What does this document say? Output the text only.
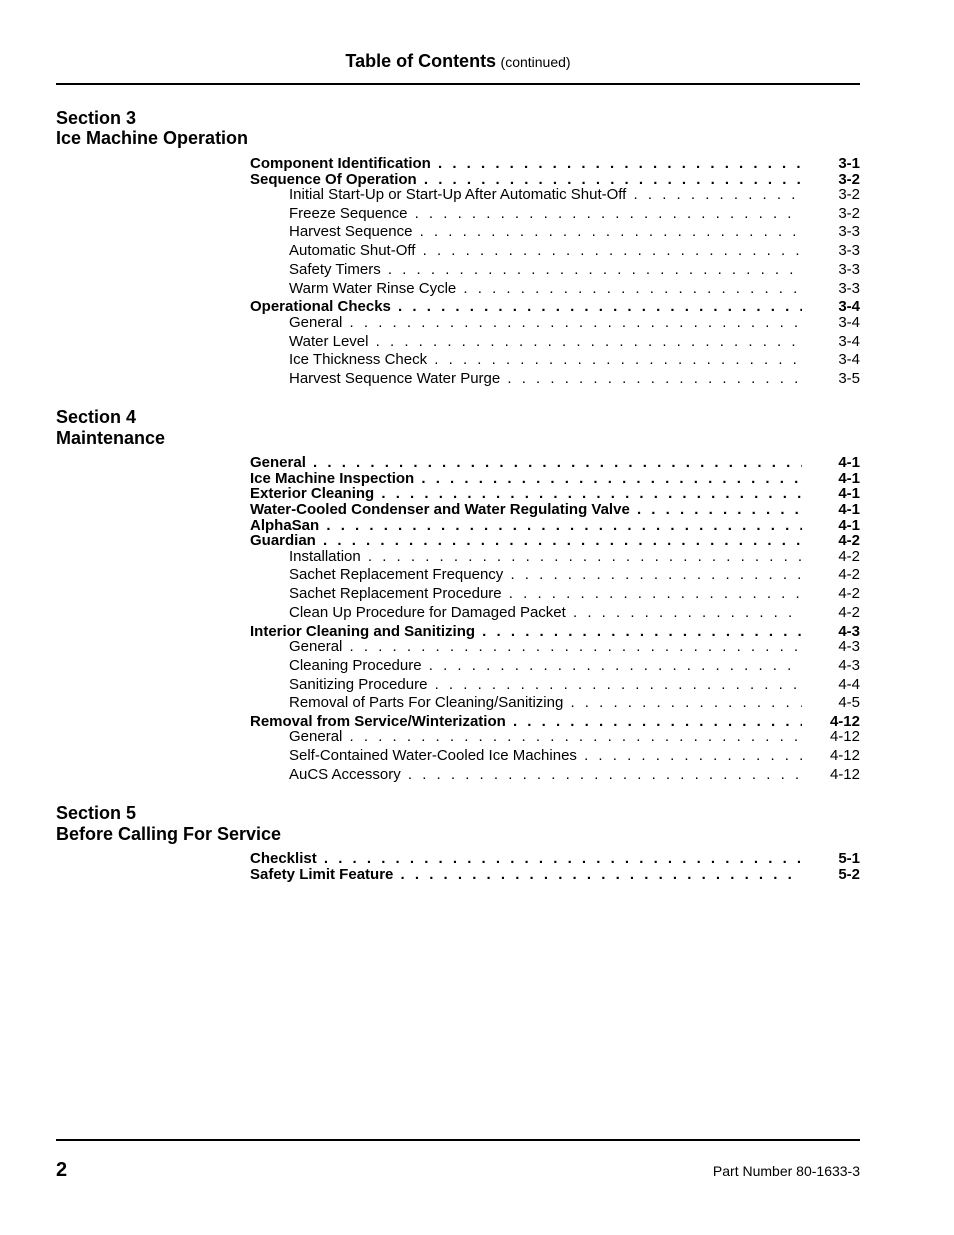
Table of Contents (continued)
Section 3
Ice Machine Operation
Component Identification . . .	3-1
Sequence Of Operation . . .	3-2
Initial Start-Up or Start-Up After Automatic Shut-Off . . .	3-2
Freeze Sequence . . .	3-2
Harvest Sequence . . .	3-3
Automatic Shut-Off . . .	3-3
Safety Timers . . .	3-3
Warm Water Rinse Cycle . . .	3-3
Operational Checks . . .	3-4
General . . .	3-4
Water Level . . .	3-4
Ice Thickness Check . . .	3-4
Harvest Sequence Water Purge . . .	3-5
Section 4
Maintenance
General . . .	4-1
Ice Machine Inspection . . .	4-1
Exterior Cleaning . . .	4-1
Water-Cooled Condenser and Water Regulating Valve . . .	4-1
AlphaSan . . .	4-1
Guardian . . .	4-2
Installation . . .	4-2
Sachet Replacement Frequency . . .	4-2
Sachet Replacement Procedure . . .	4-2
Clean Up Procedure for Damaged Packet . . .	4-2
Interior Cleaning and Sanitizing . . .	4-3
General . . .	4-3
Cleaning Procedure . . .	4-3
Sanitizing Procedure . . .	4-4
Removal of Parts For Cleaning/Sanitizing . . .	4-5
Removal from Service/Winterization . . .	4-12
General . . .	4-12
Self-Contained Water-Cooled Ice Machines . . .	4-12
AuCS Accessory . . .	4-12
Section 5
Before Calling For Service
Checklist . . .	5-1
Safety Limit Feature . . .	5-2
2	Part Number 80-1633-3
